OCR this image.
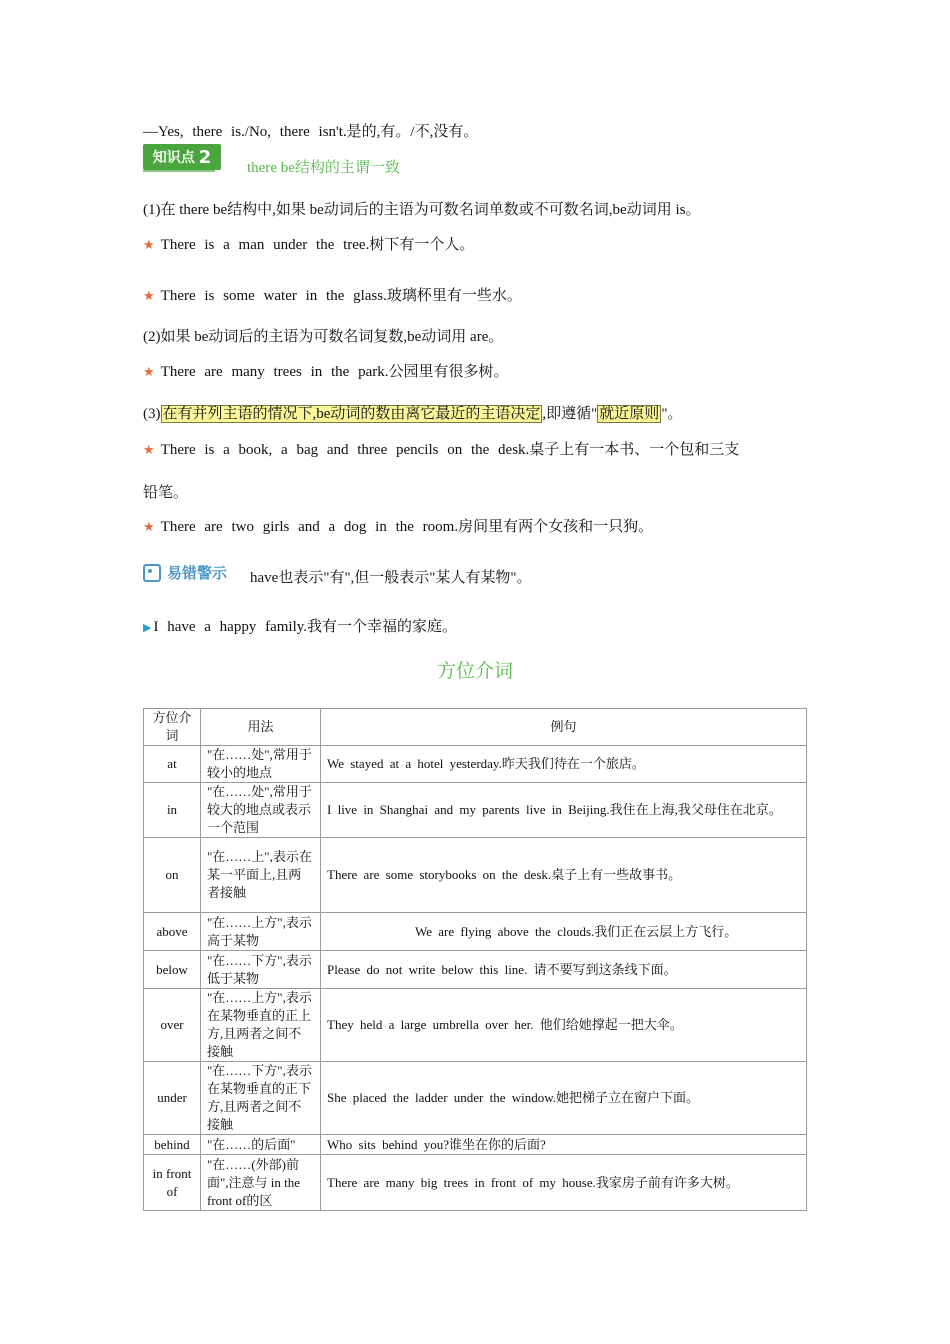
—Yes, there is./No, there isn't.是的,有。/不,没有。
知识点 2
there be结构的主谓一致
(1)在 there be结构中,如果 be动词后的主语为可数名词单数或不可数名词,be动词用 is。
★ There is a man under the tree.树下有一个人。
★ There is some water in the glass.玻璃杯里有一些水。
(2)如果 be动词后的主语为可数名词复数,be动词用 are。
★ There are many trees in the park.公园里有很多树。
(3) 在有并列主语的情况下,be动词的数由离它最近的主语决定 ,即遵循" 就近原则 "。
★ There is a book, a bag and three pencils on the desk.桌子上有一本书、一个包和三支
铅笔。
★ There are two girls and a dog in the room.房间里有两个女孩和一只狗。
易错警示 have也表示"有",但一般表示"某人有某物"。
▶ I have a happy family.我有一个幸福的家庭。
方位介词
方位介词	用法	例句
at	"在……处",常用于较小的地点	We stayed at a hotel yesterday.昨天我们待在一个旅店。
in	"在……处",常用于较大的地点或表示一个范围	I live in Shanghai and my parents live in Beijing.我住在上海,我父母住在北京。
on	"在……上",表示在某一平面上,且两者接触	There are some storybooks on the desk.桌子上有一些故事书。
above	"在……上方",表示高于某物	We are flying above the clouds.我们正在云层上方飞行。
below	"在……下方",表示低于某物	Please do not write below this line. 请不要写到这条线下面。
over	"在……上方",表示在某物垂直的正上方,且两者之间不接触	They held a large umbrella over her. 他们给她撑起一把大伞。
under	"在……下方",表示在某物垂直的正下方,且两者之间不接触	She placed the ladder under the window.她把梯子立在窗户下面。
behind	"在……的后面"	Who sits behind you?谁坐在你的后面?
in front of	"在……(外部)前面",注意与 in the front of的区	There are many big trees in front of my house.我家房子前有许多大树。
